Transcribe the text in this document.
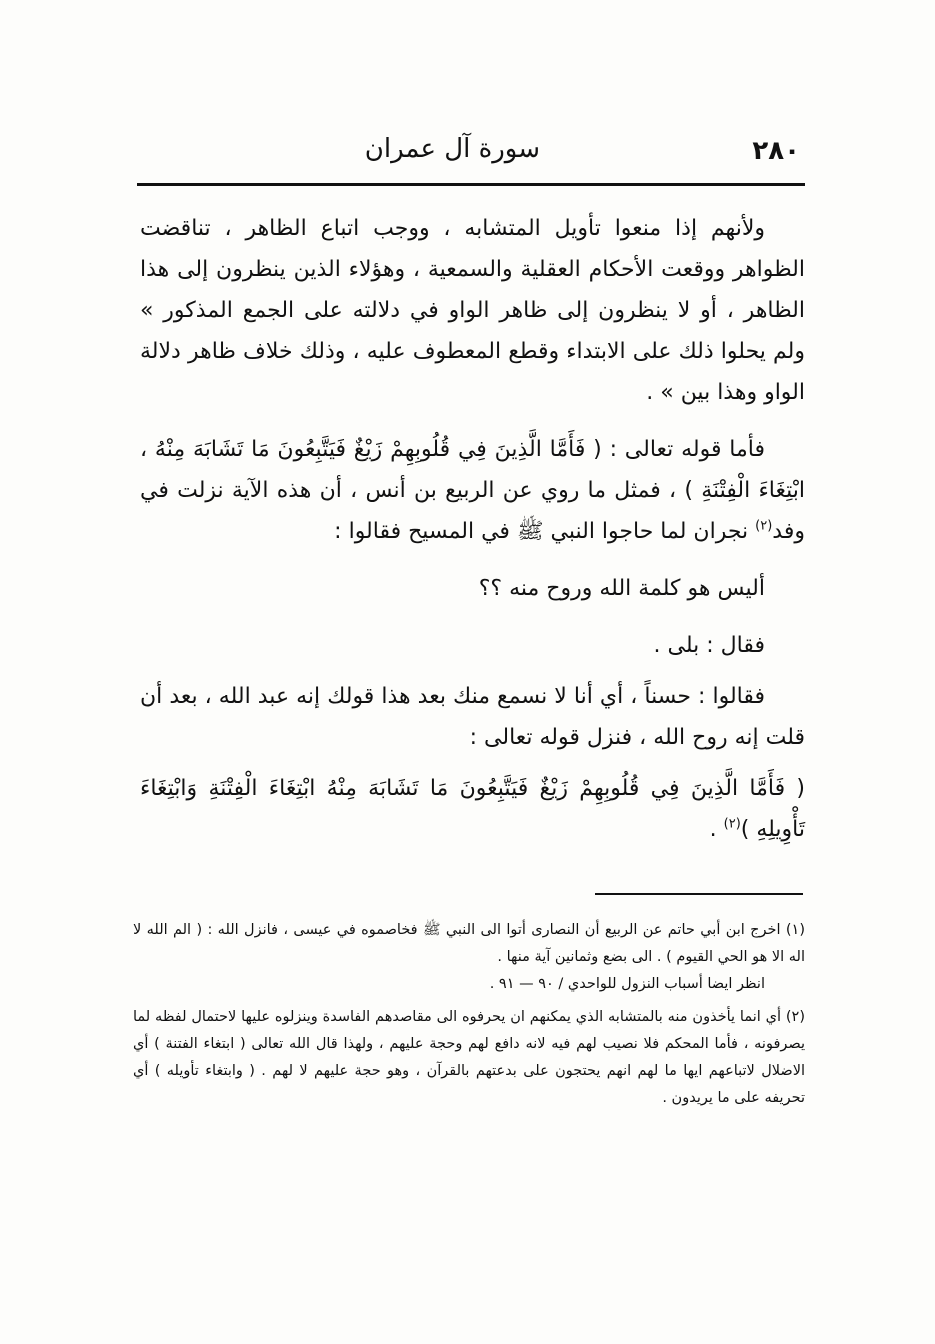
٢٨٠
سورة آل عمران

ولأنهم إذا منعوا تأويل المتشابه ، ووجب اتباع الظاهر ، تناقضت الظواهر ووقعت الأحكام العقلية والسمعية ، وهؤلاء الذين ينظرون إلى هذا الظاهر ، أو لا ينظرون إلى ظاهر الواو في دلالته على الجمع المذكور » ولم يحلوا ذلك على الابتداء وقطع المعطوف عليه ، وذلك خلاف ظاهر دلالة الواو وهذا بين » .

فأما قوله تعالى : ( فَأَمَّا الَّذِينَ فِي قُلُوبِهِمْ زَيْغٌ فَيَتَّبِعُونَ مَا تَشَابَهَ مِنْهُ ، ابْتِغَاءَ الْفِتْنَةِ ) ، فمثل ما روي عن الربيع بن أنس ، أن هذه الآية نزلت في وفد$^{(٢)}$ نجران لما حاجوا النبي ﷺ في المسيح فقالوا :

أليس هو كلمة الله وروح منه ؟؟

فقال : بلى .

فقالوا : حسناً ، أي أنا لا نسمع منك بعد هذا قولك إنه عبد الله ، بعد أن قلت إنه روح الله ، فنزل قوله تعالى :

( فَأَمَّا الَّذِينَ فِي قُلُوبِهِمْ زَيْغٌ فَيَتَّبِعُونَ مَا تَشَابَهَ مِنْهُ ابْتِغَاءَ الْفِتْنَةِ وَابْتِغَاءَ تَأْوِيلِهِ )$^{(٢)}$ .

(١) اخرج ابن أبي حاتم عن الربيع أن النصارى أتوا الى النبي ﷺ فخاصموه في عيسى ، فانزل الله : ( الم الله لا اله الا هو الحي القيوم ) . الى بضع وثمانين آية منها .

انظر ايضا أسباب النزول للواحدي / ٩٠ — ٩١ .

(٢) أي انما يأخذون منه بالمتشابه الذي يمكنهم ان يحرفوه الى مقاصدهم الفاسدة وينزلوه عليها لاحتمال لفظه لما يصرفونه ، فأما المحكم فلا نصيب لهم فيه لانه دافع لهم وحجة عليهم ، ولهذا قال الله تعالى ( ابتغاء الفتنة ) أي الاضلال لاتباعهم ايها ما لهم انهم يحتجون على بدعتهم بالقرآن ، وهو حجة عليهم لا لهم . ( وابتغاء تأويله ) أي تحريفه على ما يريدون .
